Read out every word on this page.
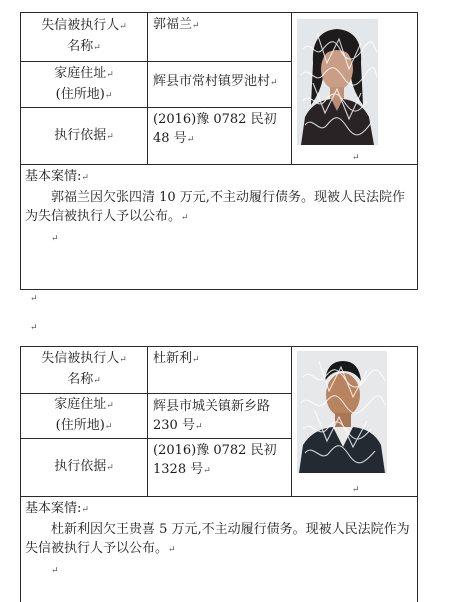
失信被执行人↵
名称↵
郭福兰↵
↵
家庭住址↵
(住所地)↵
辉县市常村镇罗池村↵
执行依据↵
(2016)豫 0782 民初 48 号↵
基本案情:↵
郭福兰因欠张四清 10 万元,不主动履行债务。现被人民法院作为失信被执行人予以公布。↵
↵
↵
↵
失信被执行人↵
名称↵
杜新利↵
↵
家庭住址↵
(住所地)↵
辉县市城关镇新乡路 230 号↵
执行依据↵
(2016)豫 0782 民初 1328 号↵
基本案情:↵
杜新利因欠王贵喜 5 万元,不主动履行债务。现被人民法院作为失信被执行人予以公布。↵
↵
